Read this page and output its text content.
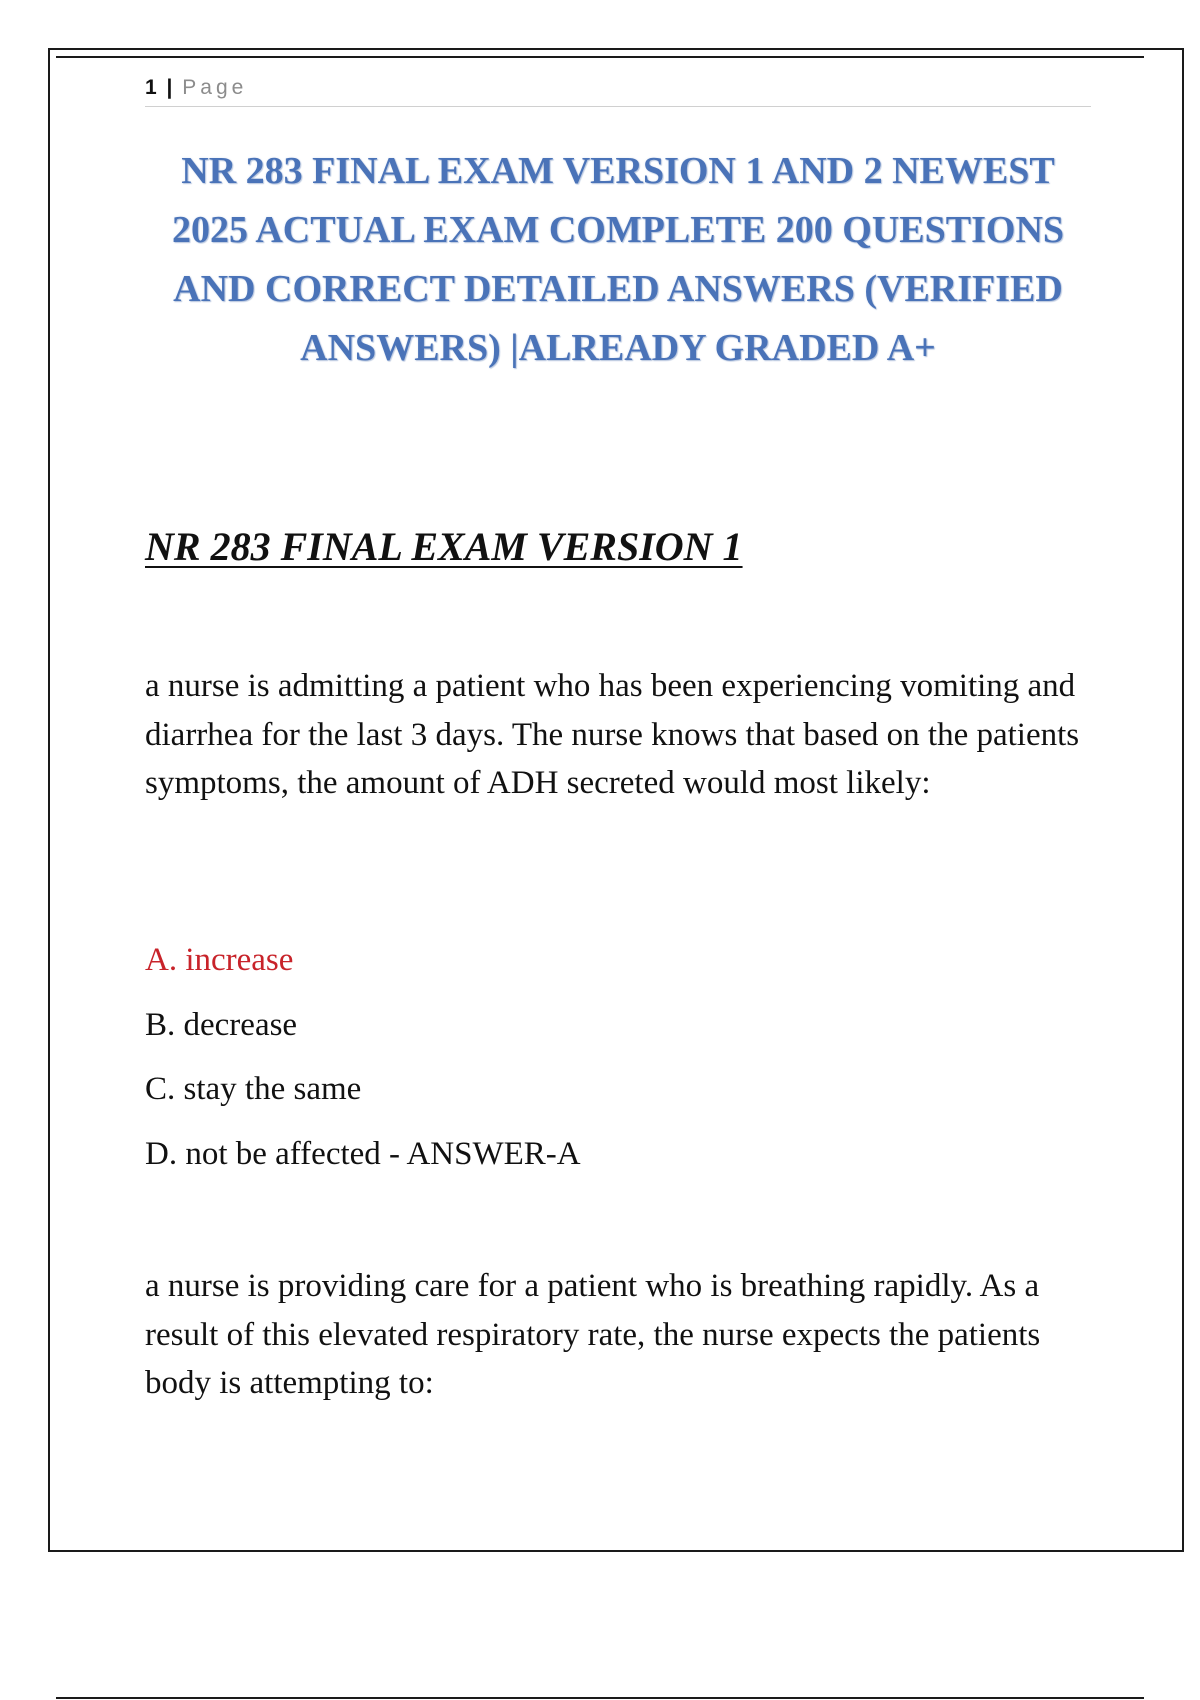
1 | Page
NR 283 FINAL EXAM VERSION 1 AND 2 NEWEST 2025 ACTUAL EXAM COMPLETE 200 QUESTIONS AND CORRECT DETAILED ANSWERS (VERIFIED ANSWERS) |ALREADY GRADED A+
NR 283 FINAL EXAM VERSION 1

a nurse is admitting a patient who has been experiencing vomiting and diarrhea for the last 3 days. The nurse knows that based on the patients symptoms, the amount of ADH secreted would most likely:

A. increase
B. decrease
C. stay the same
D. not be affected - ANSWER-A

a nurse is providing care for a patient who is breathing rapidly. As a result of this elevated respiratory rate, the nurse expects the patients body is attempting to:
